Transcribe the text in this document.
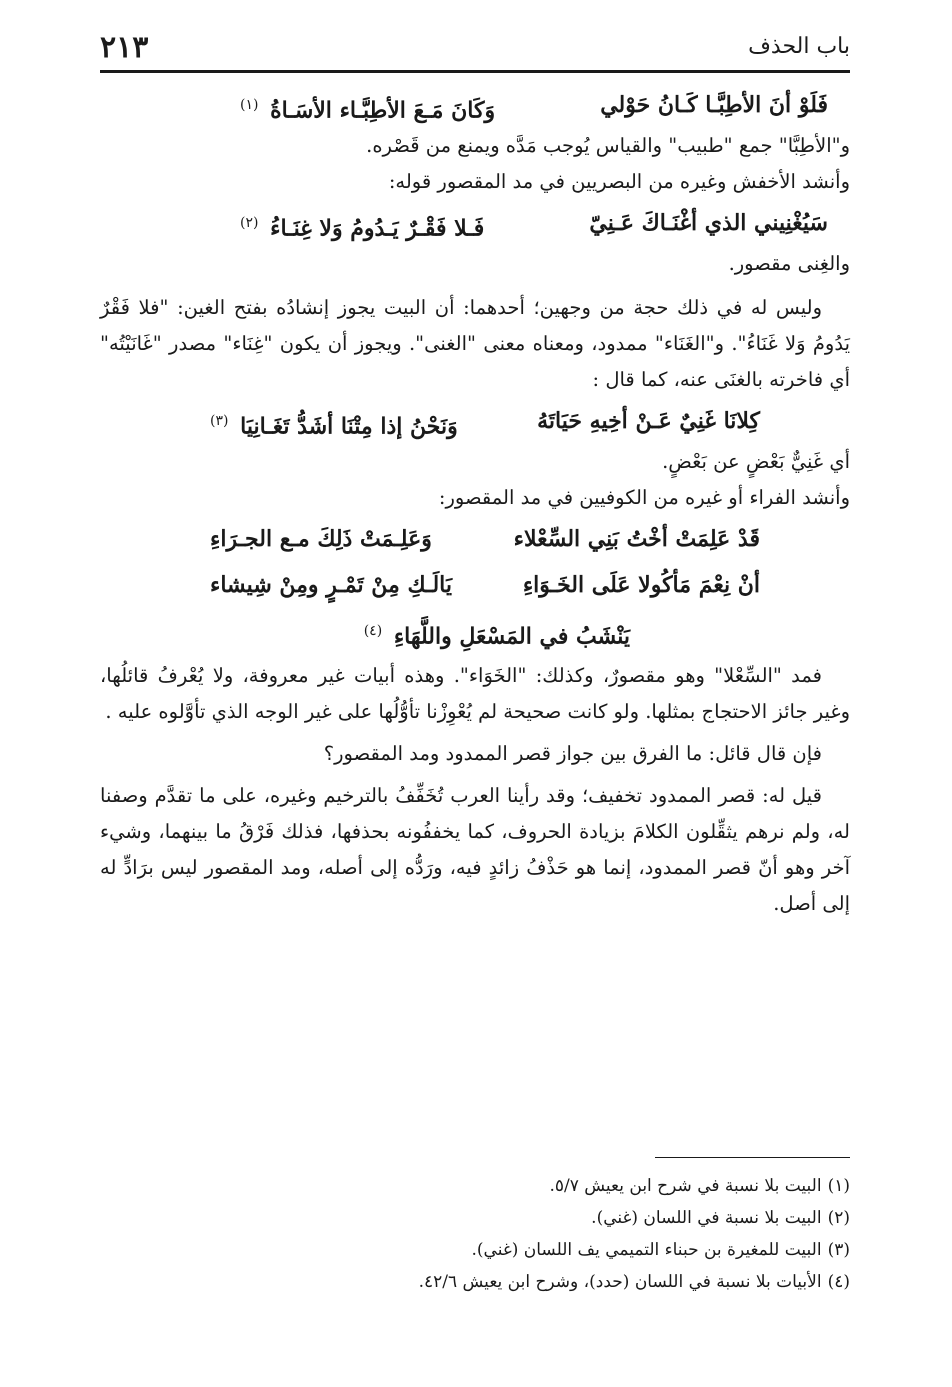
باب الحذف
٢١٣
فَلَوْ أنَ الأطِبَّـا كَـانُ حَوْلي
وَكَانَ مَـعَ الأطِبَّـاء الأسَـاةُ $^{(١)}$

و"الأطِبَّا" جمع "طبيب" والقياس يُوجب مَدَّه ويمنع من قَصْره.

وأنشد الأخفش وغيره من البصريين في مد المقصور قوله:

سَيُغْنِيني الذي أغْنَـاكَ عَـنِيّ
فَـلا فَقْـرٌ يَـدُومُ وَلا غِنَـاءُ $^{(٢)}$

والغِنى مقصور.

وليس له في ذلك حجة من وجهين؛ أحدهما: أن البيت يجوز إنشادُه بفتح الغين: "فلا فَقْرٌ يَدُومُ وَلا غَنَاءُ". و"الغَنَاء" ممدود، ومعناه معنى "الغنى". ويجوز أن يكون "غِنَاء" مصدر "غَانَيْتُه" أي فاخرته بالغنَى عنه، كما قال :

كِلانَا غَنِيٌ عَـنْ أخِيهِ حَيَاتَهُ
وَنَحْنُ إذا مِتْنَا أشَدُّ تَغَـانِيَا $^{(٣)}$

أي غَنِيٌّ بَعْضٍ عن بَعْضٍ.

وأنشد الفراء أو غيره من الكوفيين في مد المقصور:

قَدْ عَلِمَتْ أخْتُ بَنِي السِّعْلاء
وَعَلِـمَتْ ذَلِكَ مـع الجـرَاءِ
أنْ نِعْمَ مَأكُولا عَلَى الخَـوَاءِ
يَالَـكِ مِنْ تَمْـرٍ ومِنْ شِيشاء
يَنْشَبُ في المَسْعَلِ واللَّهَاءِ $^{(٤)}$

فمد "السِّعْلا" وهو مقصورٌ، وكذلك: "الخَوَاء". وهذه أبيات غير معروفة، ولا يُعْرفُ قائلُها، وغير جائز الاحتجاج بمثلها. ولو كانت صحيحة لم يُعْوِزْنا تأوُّلُها على غير الوجه الذي تأوَّلوه عليه .

فإن قال قائل: ما الفرق بين جواز قصر الممدود ومد المقصور؟

قيل له: قصر الممدود تخفيف؛ وقد رأينا العرب تُخَفِّفُ بالترخيم وغيره، على ما تقدَّم وصفنا له، ولم نرهم يثقِّلون الكلامَ بزيادة الحروف، كما يخففُونه بحذفها، فذلك فَرْقُ ما بينهما، وشيء آخر وهو أنّ قصر الممدود، إنما هو حَذْفُ زائدٍ فيه، ورَدُّه إلى أصله، ومد المقصور ليس برَادٍّ له إلى أصل.

(١)البيت بلا نسبة في شرح ابن يعيش ٥/٧.
(٢)البيت بلا نسبة في اللسان (غني).
(٣)البيت للمغيرة بن حبناء التميمي يف اللسان (غني).
(٤)الأبيات بلا نسبة في اللسان (حدد)، وشرح ابن يعيش ٤٢/٦.
